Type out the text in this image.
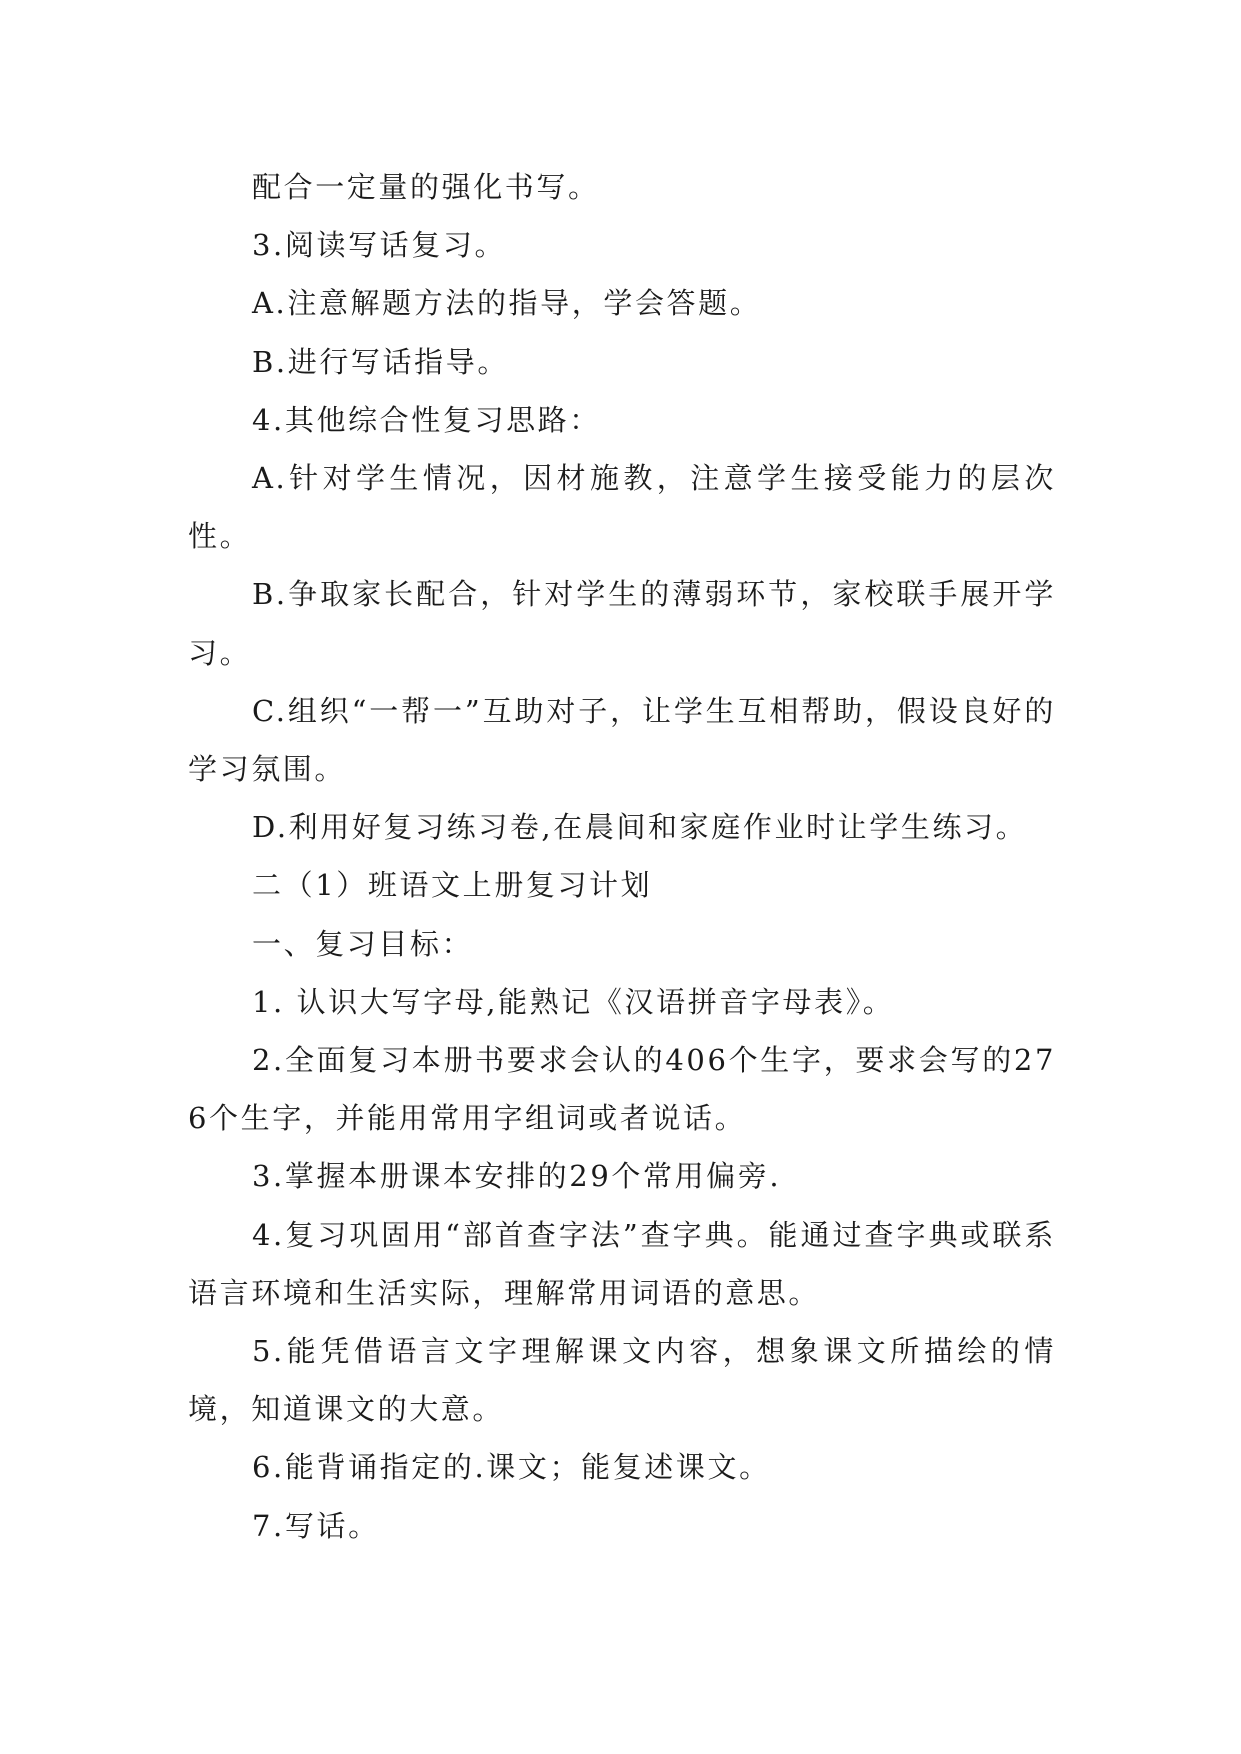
配合一定量的强化书写。

3.阅读写话复习。

A.注意解题方法的指导，学会答题。

B.进行写话指导。

4.其他综合性复习思路：

A.针对学生情况，因材施教，注意学生接受能力的层次性。

B.争取家长配合，针对学生的薄弱环节，家校联手展开学习。

C.组织“一帮一”互助对子，让学生互相帮助，假设良好的学习氛围。

D.利用好复习练习卷,在晨间和家庭作业时让学生练习。

二（1）班语文上册复习计划

一、复习目标：

1. 认识大写字母,能熟记《汉语拼音字母表》。

2.全面复习本册书要求会认的406个生字，要求会写的276个生字，并能用常用字组词或者说话。

3.掌握本册课本安排的29个常用偏旁.

4.复习巩固用“部首查字法”查字典。能通过查字典或联系语言环境和生活实际，理解常用词语的意思。

5.能凭借语言文字理解课文内容，想象课文所描绘的情境，知道课文的大意。

6.能背诵指定的.课文；能复述课文。

7.写话。
